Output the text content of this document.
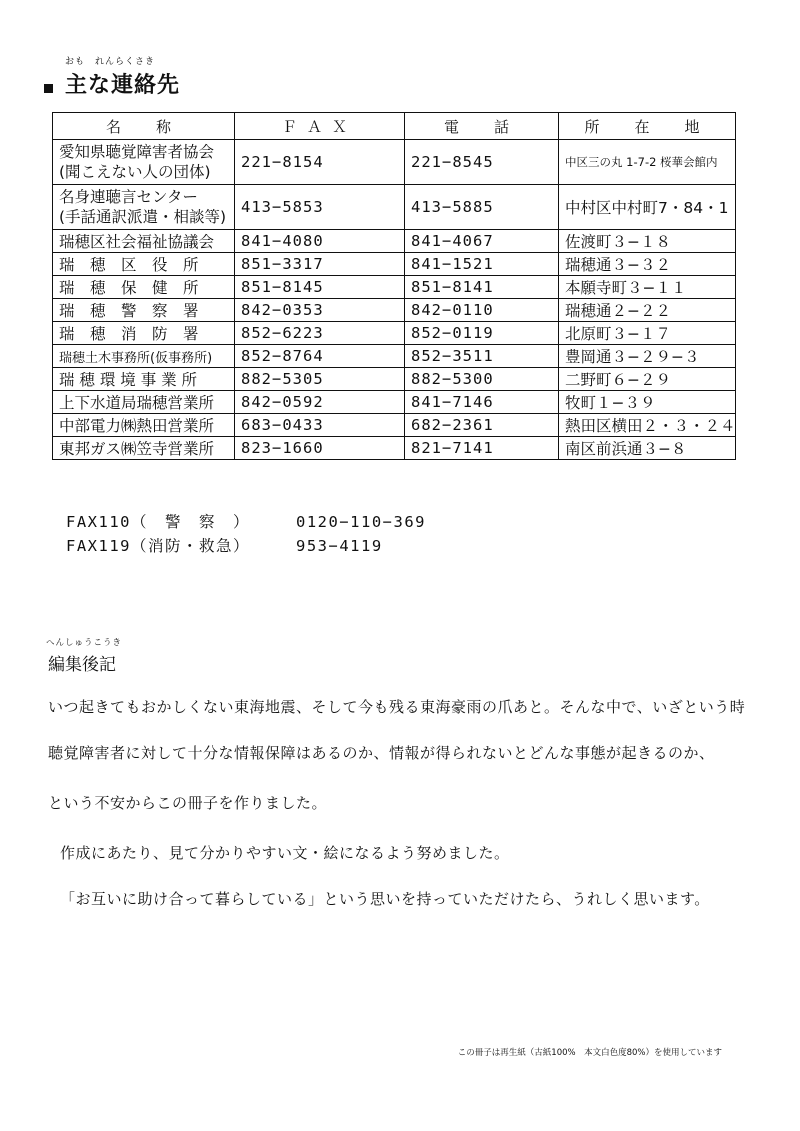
おも　れんらくさき
主な連絡先
名　称	ＦＡＸ	電　話	所　在　地

愛知県聴覚障害者協会
(聞こえない人の団体)	221−8154	221−8545	中区三の丸 1-7-2 桜華会館内

名身連聴言センター
(手話通訳派遣・相談等)	413−5853	413−5885	中村区中村町7・84・1
瑞穂区社会福祉協議会	841−4080	841−4067	佐渡町３−１８
瑞　穂　区　役　所	851−3317	841−1521	瑞穂通３−３２
瑞　穂　保　健　所	851−8145	851−8141	本願寺町３−１１
瑞　穂　警　察　署	842−0353	842−0110	瑞穂通２−２２
瑞　穂　消　防　署	852−6223	852−0119	北原町３−１７
瑞穂土木事務所(仮事務所)	852−8764	852−3511	豊岡通３−２９−３
瑞 穂 環 境 事 業 所	882−5305	882−5300	二野町６−２９
上下水道局瑞穂営業所	842−0592	841−7146	牧町１−３９
中部電力㈱熱田営業所	683−0433	682−2361	熱田区横田２・３・２４
東邦ガス㈱笠寺営業所	823−1660	821−7141	南区前浜通３−８
FAX110（　警　察　）	0120−110−369
FAX119（消防・救急）	953−4119
へんしゅうこうき
編集後記
いつ起きてもおかしくない東海地震、そして今も残る東海豪雨の爪あと。そんな中で、いざという時
聴覚障害者に対して十分な情報保障はあるのか、情報が得られないとどんな事態が起きるのか、
という不安からこの冊子を作りました。
作成にあたり、見て分かりやすい文・絵になるよう努めました。
「お互いに助け合って暮らしている」という思いを持っていただけたら、うれしく思います。
この冊子は再生紙（古紙100%　本文白色度80%）を使用しています
